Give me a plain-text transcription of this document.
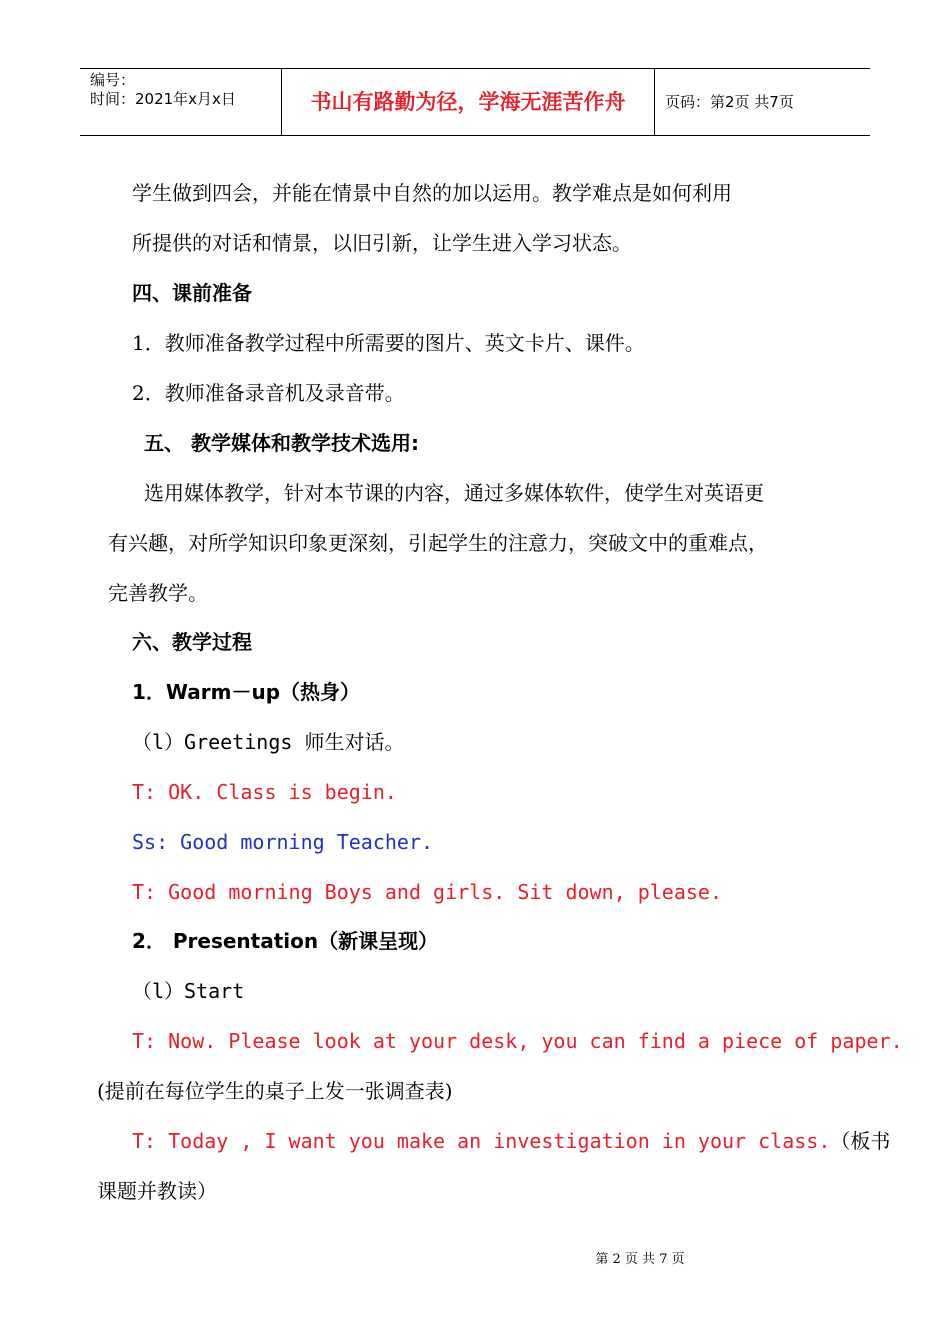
编号：
时间：2021年x月x日	书山有路勤为径，学海无涯苦作舟	页码：第2页 共7页
学生做到四会，并能在情景中自然的加以运用。教学难点是如何利用
所提供的对话和情景，以旧引新，让学生进入学习状态。
四、课前准备
1．教师准备教学过程中所需要的图片、英文卡片、课件。
2．教师准备录音机及录音带。
五、 教学媒体和教学技术选用:
选用媒体教学，针对本节课的内容，通过多媒体软件，使学生对英语更
有兴趣，对所学知识印象更深刻，引起学生的注意力，突破文中的重难点，
完善教学。
六、教学过程
1．Warm－up（热身）
（l）Greetings 师生对话。
T: OK. Class is begin.
Ss: Good morning Teacher.
T: Good morning Boys and girls. Sit down, please.
2． Presentation（新课呈现）
（l）Start
T: Now. Please look at your desk, you can find a piece of paper.
(提前在每位学生的桌子上发一张调查表)
T: Today , I want you make an investigation in your class.（板书
课题并教读）
第 2 页 共 7 页
